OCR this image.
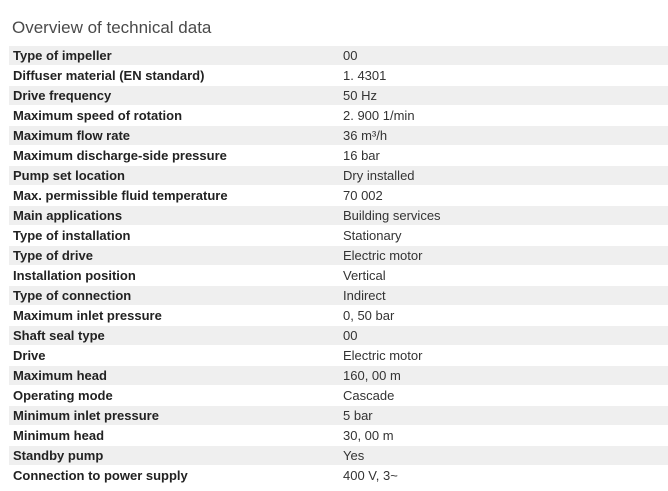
Overview of technical data
Type of impeller	00
Diffuser material (EN standard)	1. 4301
Drive frequency	50 Hz
Maximum speed of rotation	2. 900 1/min
Maximum flow rate	36 m³/h
Maximum discharge-side pressure	16 bar
Pump set location	Dry installed
Max. permissible fluid temperature	70 002
Main applications	Building services
Type of installation	Stationary
Type of drive	Electric motor
Installation position	Vertical
Type of connection	Indirect
Maximum inlet pressure	0, 50 bar
Shaft seal type	00
Drive	Electric motor
Maximum head	160, 00 m
Operating mode	Cascade
Minimum inlet pressure	5 bar
Minimum head	30, 00 m
Standby pump	Yes
Connection to power supply	400 V, 3~
